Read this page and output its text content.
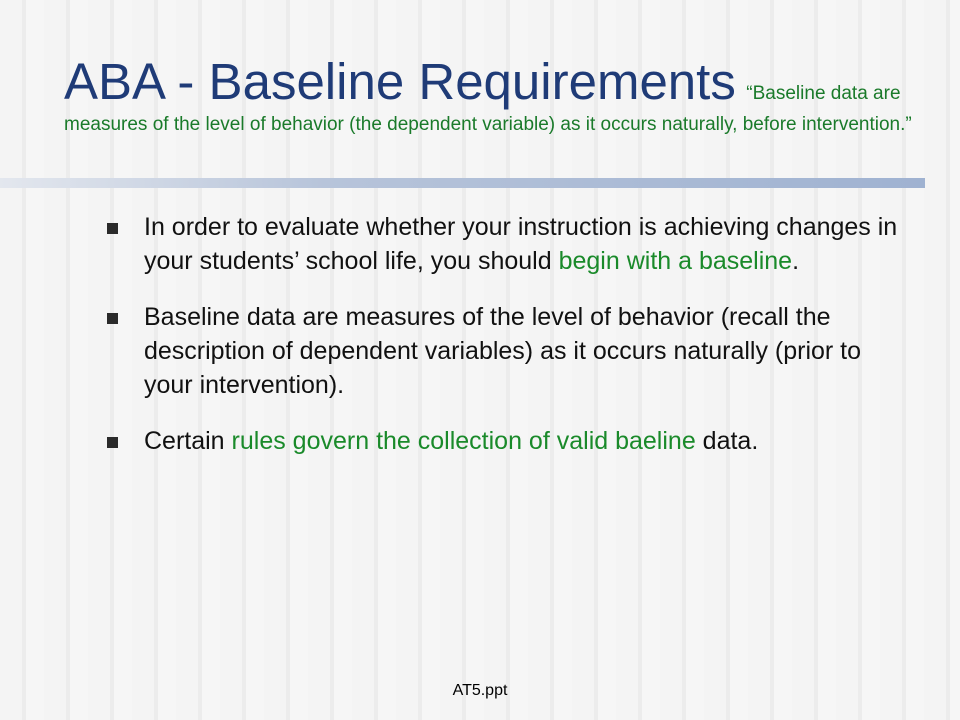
ABA - Baseline Requirements “Baseline data are measures of the level of behavior (the dependent variable) as it occurs naturally, before intervention.”
In order to evaluate whether your instruction is achieving changes in your students’ school life, you should begin with a baseline.
Baseline data are measures of the level of behavior (recall the description of dependent variables) as it occurs naturally (prior to your intervention).
Certain rules govern the collection of valid baeline data.
AT5.ppt
